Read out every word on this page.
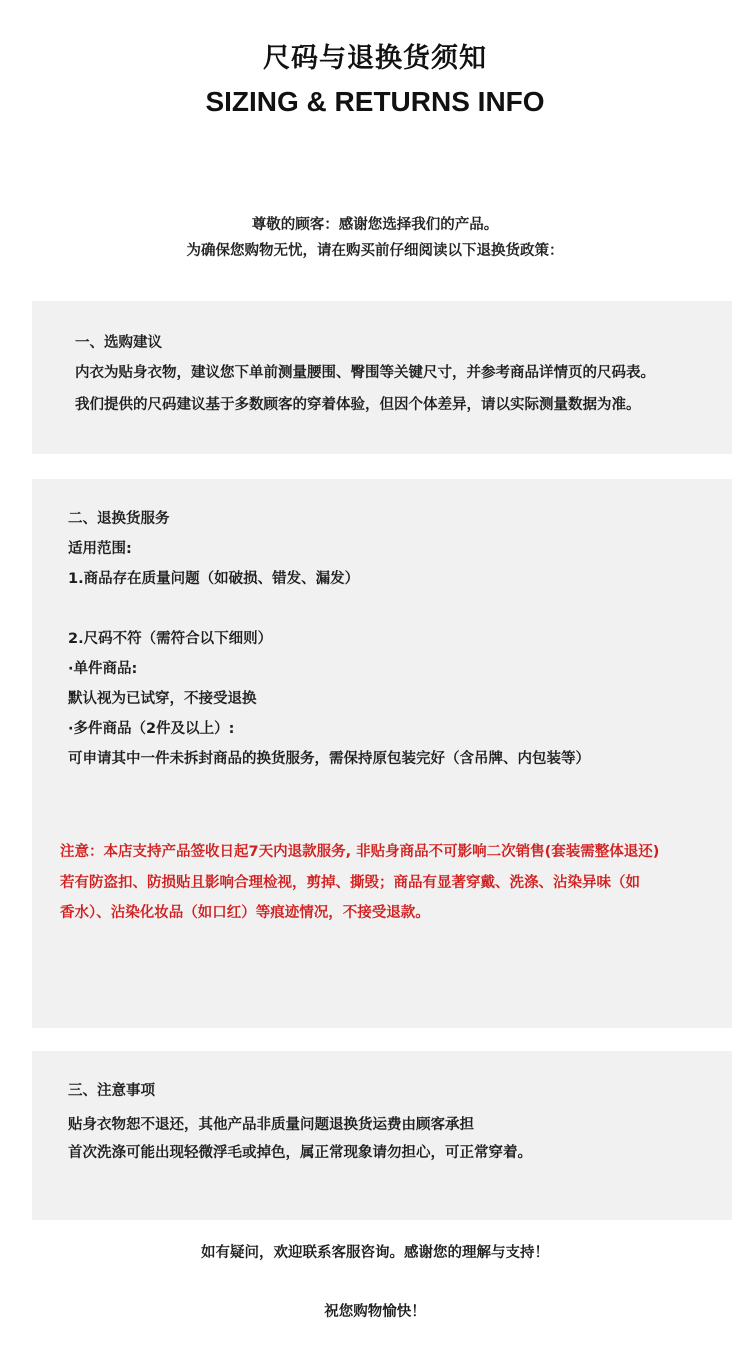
尺码与退换货须知
SIZING & RETURNS INFO
尊敬的顾客：感谢您选择我们的产品。
为确保您购物无忧，请在购买前仔细阅读以下退换货政策：
一、选购建议
内衣为贴身衣物，建议您下单前测量腰围、臀围等关键尺寸，并参考商品详情页的尺码表。
我们提供的尺码建议基于多数顾客的穿着体验，但因个体差异，请以实际测量数据为准。
二、退换货服务
适用范围:
1.商品存在质量问题（如破损、错发、漏发）
2.尺码不符（需符合以下细则）
·单件商品:
默认视为已试穿，不接受退换
·多件商品（2件及以上）:
可申请其中一件未拆封商品的换货服务，需保持原包装完好（含吊牌、内包装等）
注意：本店支持产品签收日起7天内退款服务, 非贴身商品不可影响二次销售(套装需整体退还)
若有防盗扣、防损贴且影响合理检视，剪掉、撕毁；商品有显著穿戴、洗涤、沾染异味（如
香水）、沾染化妆品（如口红）等痕迹情况，不接受退款。
三、注意事项
贴身衣物恕不退还，其他产品非质量问题退换货运费由顾客承担
首次洗涤可能出现轻微浮毛或掉色，属正常现象请勿担心，可正常穿着。
如有疑问，欢迎联系客服咨询。感谢您的理解与支持！
祝您购物愉快！
